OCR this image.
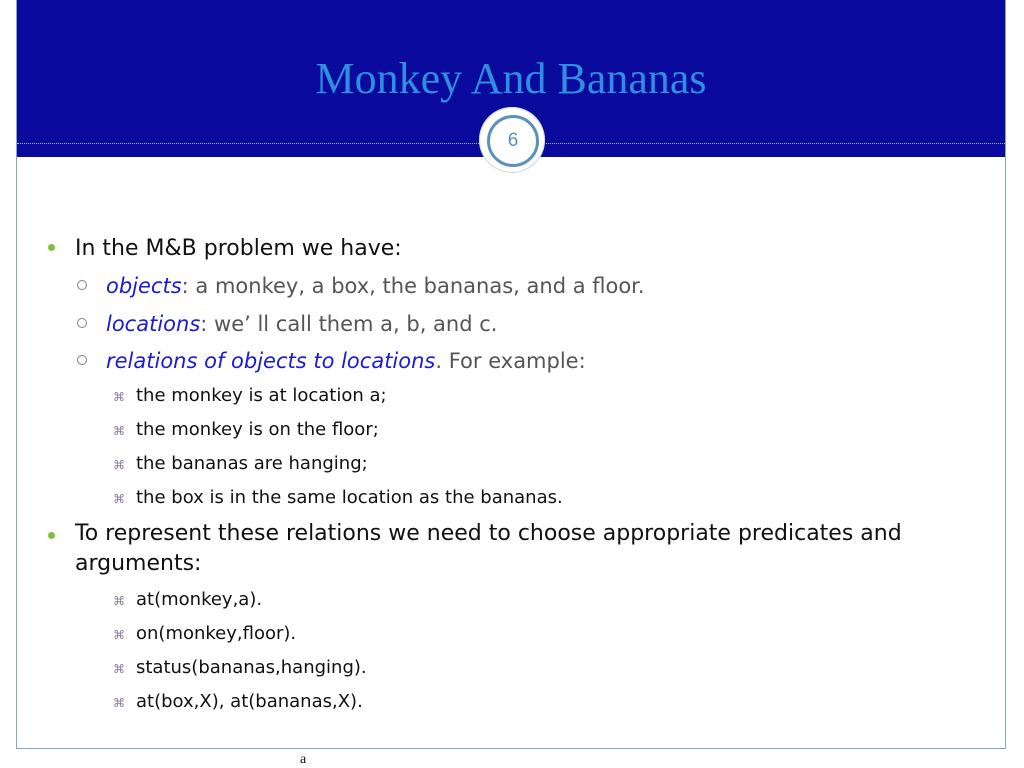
Monkey And Bananas
6
In the M&B problem we have:
objects: a monkey, a box, the bananas, and a floor.
locations: we’ ll call them a, b, and c.
relations of objects to locations. For example:
⌘ the monkey is at location a;
⌘ the monkey is on the floor;
⌘ the bananas are hanging;
⌘ the box is in the same location as the bananas.
To represent these relations we need to choose appropriate predicates and
arguments:
⌘ at(monkey,a).
⌘ on(monkey,floor).
⌘ status(bananas,hanging).
⌘ at(box,X), at(bananas,X).
a
